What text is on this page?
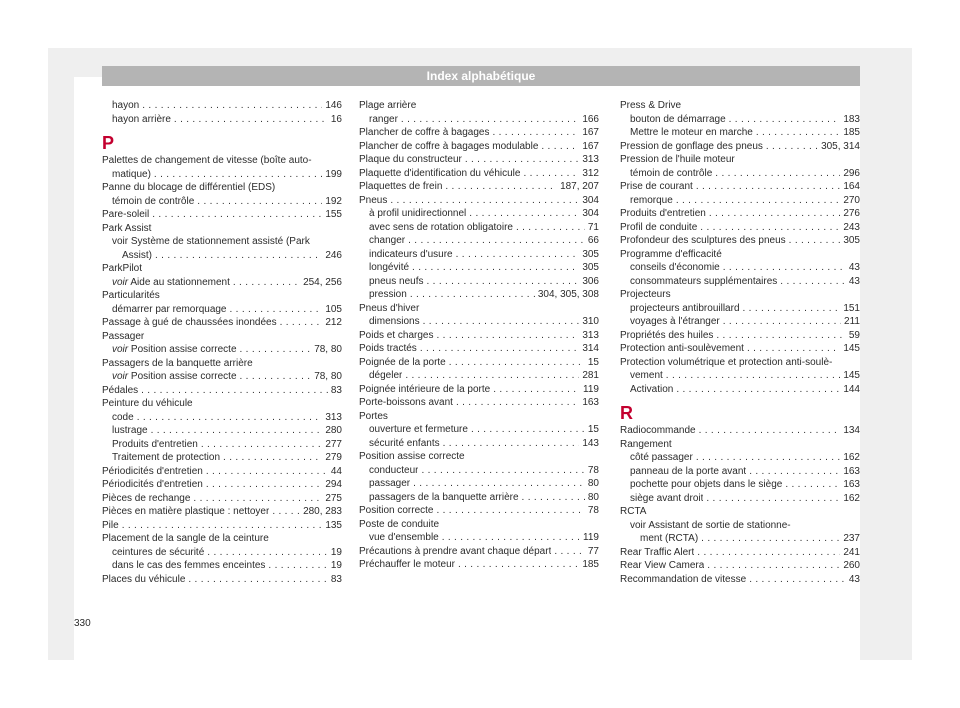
Index alphabétique
hayon . . .	146
hayon arrière . . .	16
P
Palettes de changement de vitesse (boîte auto-
matique) . . .	199
Panne du blocage de différentiel (EDS)
témoin de contrôle . . .	192
Pare-soleil . . .	155
Park Assist
voir Système de stationnement assisté (Park
Assist) . . .	246
ParkPilot
voir Aide au stationnement . . .	254, 256
Particularités
démarrer par remorquage . . .	105
Passage à gué de chaussées inondées . . .	212
Passager
voir Position assise correcte . . .	78, 80
Passagers de la banquette arrière
voir Position assise correcte . . .	78, 80
Pédales . . .	83
Peinture du véhicule
code . . .	313
lustrage . . .	280
Produits d'entretien . . .	277
Traitement de protection . . .	279
Périodicités d'entretien . . .	44
Périodicités d'entretien . . .	294
Pièces de rechange . . .	275
Pièces en matière plastique : nettoyer . . .	280, 283
Pile . . .	135
Placement de la sangle de la ceinture
ceintures de sécurité . . .	19
dans le cas des femmes enceintes . . .	19
Places du véhicule . . .	83
Plage arrière
ranger . . .	166
Plancher de coffre à bagages . . .	167
Plancher de coffre à bagages modulable . . .	167
Plaque du constructeur . . .	313
Plaquette d'identification du véhicule . . .	312
Plaquettes de frein . . .	187, 207
Pneus . . .	304
à profil unidirectionnel . . .	304
avec sens de rotation obligatoire . . .	71
changer . . .	66
indicateurs d'usure . . .	305
longévité . . .	305
pneus neufs . . .	306
pression . . .	304, 305, 308
Pneus d'hiver
dimensions . . .	310
Poids et charges . . .	313
Poids tractés . . .	314
Poignée de la porte . . .	15
dégeler . . .	281
Poignée intérieure de la porte . . .	119
Porte-boissons avant . . .	163
Portes
ouverture et fermeture . . .	15
sécurité enfants . . .	143
Position assise correcte
conducteur . . .	78
passager . . .	80
passagers de la banquette arrière . . .	80
Position correcte . . .	78
Poste de conduite
vue d'ensemble . . .	119
Précautions à prendre avant chaque départ . . .	77
Préchauffer le moteur . . .	185
Press & Drive
bouton de démarrage . . .	183
Mettre le moteur en marche . . .	185
Pression de gonflage des pneus . . .	305, 314
Pression de l'huile moteur
témoin de contrôle . . .	296
Prise de courant . . .	164
remorque . . .	270
Produits d'entretien . . .	276
Profil de conduite . . .	243
Profondeur des sculptures des pneus . . .	305
Programme d'efficacité
conseils d'économie . . .	43
consommateurs supplémentaires . . .	43
Projecteurs
projecteurs antibrouillard . . .	151
voyages à l'étranger . . .	211
Propriétés des huiles . . .	59
Protection anti-soulèvement . . .	145
Protection volumétrique et protection anti-soulè-
vement . . .	145
Activation . . .	144
R
Radiocommande . . .	134
Rangement
côté passager . . .	162
panneau de la porte avant . . .	163
pochette pour objets dans le siège . . .	163
siège avant droit . . .	162
RCTA
voir Assistant de sortie de stationne-
ment (RCTA) . . .	237
Rear Traffic Alert . . .	241
Rear View Camera . . .	260
Recommandation de vitesse . . .	43
330
